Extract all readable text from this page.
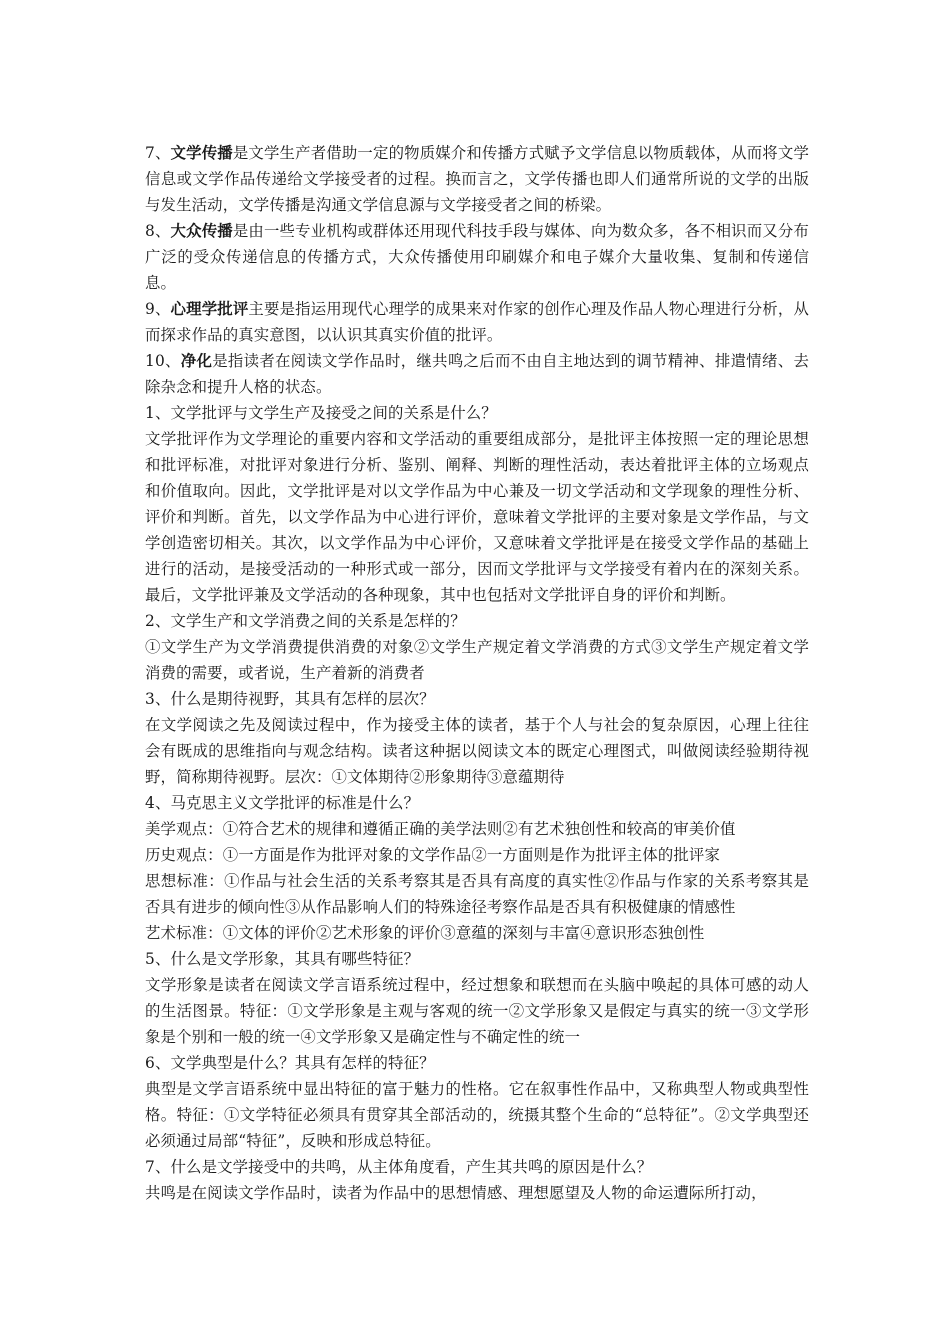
7、文学传播是文学生产者借助一定的物质媒介和传播方式赋予文学信息以物质载体，从而将文学信息或文学作品传递给文学接受者的过程。换而言之，文学传播也即人们通常所说的文学的出版与发生活动，文学传播是沟通文学信息源与文学接受者之间的桥梁。

8、大众传播是由一些专业机构或群体还用现代科技手段与媒体、向为数众多，各不相识而又分布广泛的受众传递信息的传播方式，大众传播使用印刷媒介和电子媒介大量收集、复制和传递信息。

9、心理学批评主要是指运用现代心理学的成果来对作家的创作心理及作品人物心理进行分析，从而探求作品的真实意图，以认识其真实价值的批评。

10、净化是指读者在阅读文学作品时，继共鸣之后而不由自主地达到的调节精神、排遣情绪、去除杂念和提升人格的状态。

1、文学批评与文学生产及接受之间的关系是什么？

文学批评作为文学理论的重要内容和文学活动的重要组成部分，是批评主体按照一定的理论思想和批评标准，对批评对象进行分析、鉴别、阐释、判断的理性活动，表达着批评主体的立场观点和价值取向。因此，文学批评是对以文学作品为中心兼及一切文学活动和文学现象的理性分析、评价和判断。首先，以文学作品为中心进行评价，意味着文学批评的主要对象是文学作品，与文学创造密切相关。其次，以文学作品为中心评价，又意味着文学批评是在接受文学作品的基础上进行的活动，是接受活动的一种形式或一部分，因而文学批评与文学接受有着内在的深刻关系。最后，文学批评兼及文学活动的各种现象，其中也包括对文学批评自身的评价和判断。

2、文学生产和文学消费之间的关系是怎样的？

①文学生产为文学消费提供消费的对象②文学生产规定着文学消费的方式③文学生产规定着文学消费的需要，或者说，生产着新的消费者

3、什么是期待视野，其具有怎样的层次？

在文学阅读之先及阅读过程中，作为接受主体的读者，基于个人与社会的复杂原因，心理上往往会有既成的思维指向与观念结构。读者这种据以阅读文本的既定心理图式，叫做阅读经验期待视野，简称期待视野。层次：①文体期待②形象期待③意蕴期待

4、马克思主义文学批评的标准是什么？

美学观点：①符合艺术的规律和遵循正确的美学法则②有艺术独创性和较高的审美价值

历史观点：①一方面是作为批评对象的文学作品②一方面则是作为批评主体的批评家

思想标准：①作品与社会生活的关系考察其是否具有高度的真实性②作品与作家的关系考察其是否具有进步的倾向性③从作品影响人们的特殊途径考察作品是否具有积极健康的情感性

艺术标准：①文体的评价②艺术形象的评价③意蕴的深刻与丰富④意识形态独创性

5、什么是文学形象，其具有哪些特征？

文学形象是读者在阅读文学言语系统过程中，经过想象和联想而在头脑中唤起的具体可感的动人的生活图景。特征：①文学形象是主观与客观的统一②文学形象又是假定与真实的统一③文学形象是个别和一般的统一④文学形象又是确定性与不确定性的统一

6、文学典型是什么？其具有怎样的特征？

典型是文学言语系统中显出特征的富于魅力的性格。它在叙事性作品中，又称典型人物或典型性格。特征：①文学特征必须具有贯穿其全部活动的，统摄其整个生命的“总特征”。②文学典型还必须通过局部“特征”，反映和形成总特征。

7、什么是文学接受中的共鸣，从主体角度看，产生其共鸣的原因是什么？

共鸣是在阅读文学作品时，读者为作品中的思想情感、理想愿望及人物的命运遭际所打动，
